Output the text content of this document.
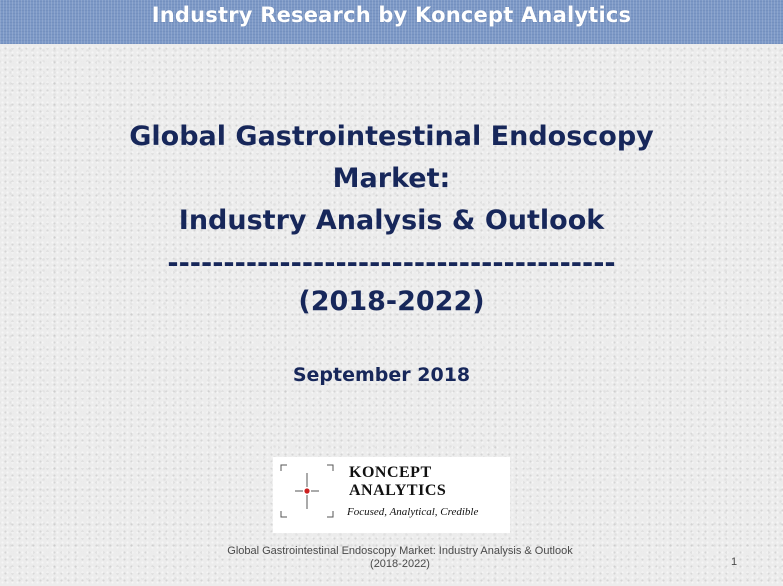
Industry Research by Koncept Analytics
Global Gastrointestinal Endoscopy
Market:
Industry Analysis & Outlook
----------------------------------------
(2018-2022)
September 2018
KONCEPT
ANALYTICS
Focused, Analytical, Credible
Global Gastrointestinal Endoscopy Market: Industry Analysis & Outlook
(2018-2022)	1
